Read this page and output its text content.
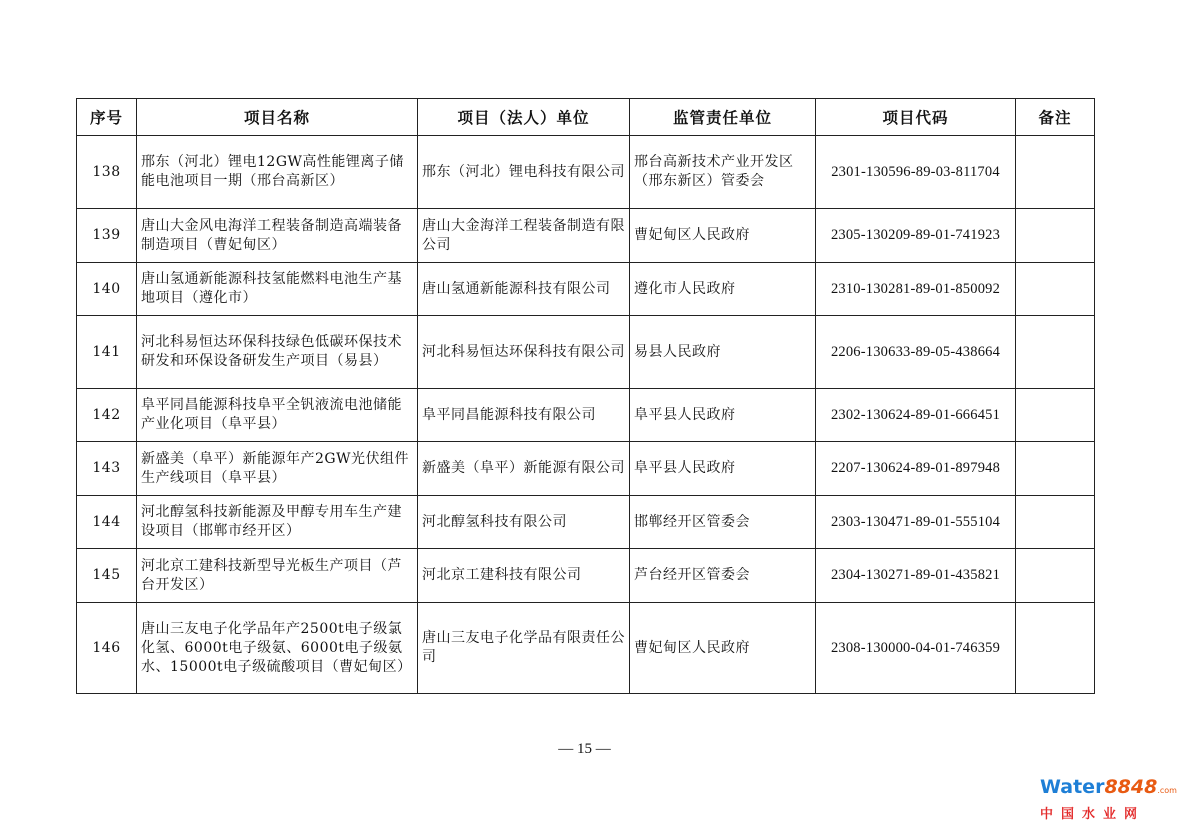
序号	项目名称	项目（法人）单位	监管责任单位	项目代码	备注
138	邢东（河北）锂电12GW高性能锂离子储能电池项目一期（邢台高新区）	邢东（河北）锂电科技有限公司	邢台高新技术产业开发区（邢东新区）管委会	2301-130596-89-03-811704	
139	唐山大金风电海洋工程装备制造高端装备制造项目（曹妃甸区）	唐山大金海洋工程装备制造有限公司	曹妃甸区人民政府	2305-130209-89-01-741923	
140	唐山氢通新能源科技氢能燃料电池生产基地项目（遵化市）	唐山氢通新能源科技有限公司	遵化市人民政府	2310-130281-89-01-850092	
141	河北科易恒达环保科技绿色低碳环保技术研发和环保设备研发生产项目（易县）	河北科易恒达环保科技有限公司	易县人民政府	2206-130633-89-05-438664	
142	阜平同昌能源科技阜平全钒液流电池储能产业化项目（阜平县）	阜平同昌能源科技有限公司	阜平县人民政府	2302-130624-89-01-666451	
143	新盛美（阜平）新能源年产2GW光伏组件生产线项目（阜平县）	新盛美（阜平）新能源有限公司	阜平县人民政府	2207-130624-89-01-897948	
144	河北醇氢科技新能源及甲醇专用车生产建设项目（邯郸市经开区）	河北醇氢科技有限公司	邯郸经开区管委会	2303-130471-89-01-555104	
145	河北京工建科技新型导光板生产项目（芦台开发区）	河北京工建科技有限公司	芦台经开区管委会	2304-130271-89-01-435821	
146	唐山三友电子化学品年产2500t电子级氯化氢、6000t电子级氨、6000t电子级氨水、15000t电子级硫酸项目（曹妃甸区）	唐山三友电子化学品有限责任公司	曹妃甸区人民政府	2308-130000-04-01-746359	
— 15 —
Water8848.com
中国水业网
